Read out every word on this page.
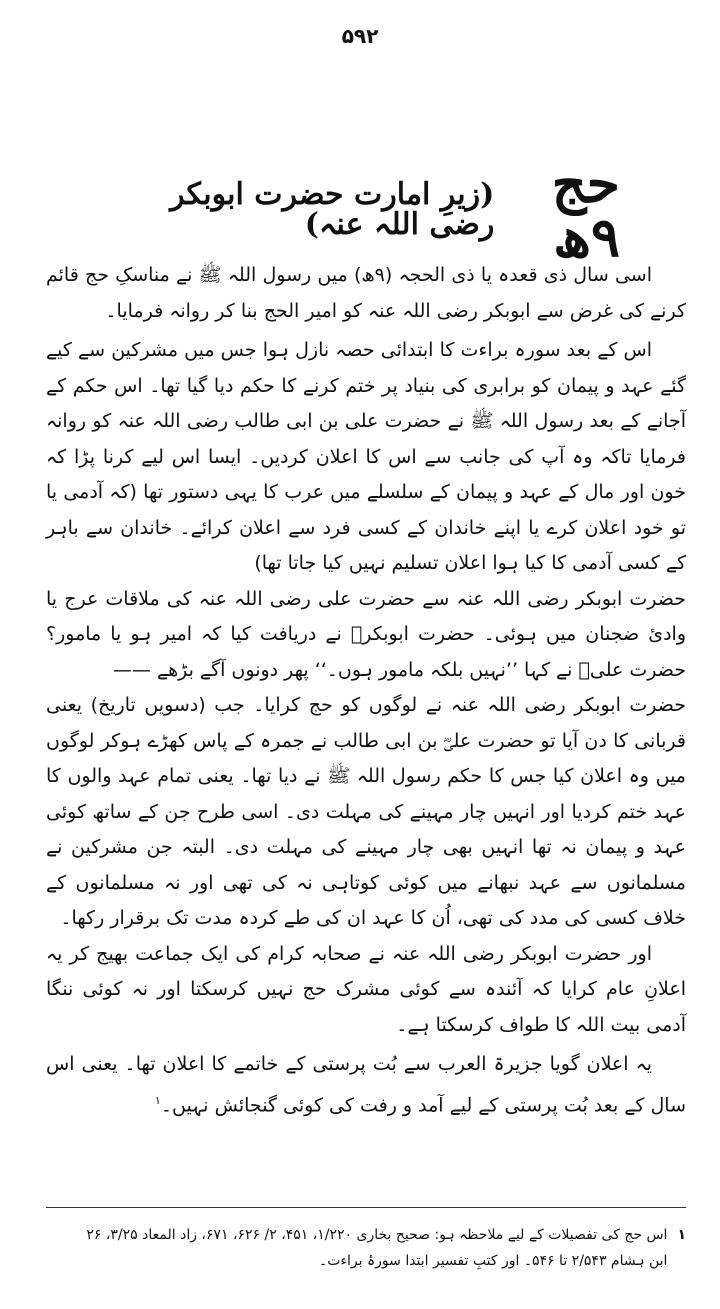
۵۹۲
حج ۹ھ
(زیرِ امارت حضرت ابوبکر رضی اللہ عنہ)

اسی سال ذی قعدہ یا ذی الحجہ (۹ھ) میں رسول اللہ ﷺ نے مناسکِ حج قائم کرنے کی غرض سے ابوبکر رضی اللہ عنہ کو امیر الحج بنا کر روانہ فرمایا۔

اس کے بعد سورہ براءت کا ابتدائی حصہ نازل ہوا جس میں مشرکین سے کیے گئے عہد و پیمان کو برابری کی بنیاد پر ختم کرنے کا حکم دیا گیا تھا۔ اس حکم کے آجانے کے بعد رسول اللہ ﷺ نے حضرت علی بن ابی طالب رضی اللہ عنہ کو روانہ فرمایا تاکہ وہ آپ کی جانب سے اس کا اعلان کردیں۔ ایسا اس لیے کرنا پڑا کہ خون اور مال کے عہد و پیمان کے سلسلے میں عرب کا یہی دستور تھا (کہ آدمی یا تو خود اعلان کرے یا اپنے خاندان کے کسی فرد سے اعلان کرائے۔ خاندان سے باہر کے کسی آدمی کا کیا ہوا اعلان تسلیم نہیں کیا جاتا تھا)

حضرت ابوبکر رضی اللہ عنہ سے حضرت علی رضی اللہ عنہ کی ملاقات عرج یا وادیٔ ضجنان میں ہوئی۔ حضرت ابوبکرؓ نے دریافت کیا کہ امیر ہو یا مامور؟ حضرت علیؓ نے کہا ’’نہیں بلکہ مامور ہوں۔‘‘ پھر دونوں آگے بڑھے ——

حضرت ابوبکر رضی اللہ عنہ نے لوگوں کو حج کرایا۔ جب (دسویں تاریخ) یعنی قربانی کا دن آیا تو حضرت علیؓ بن ابی طالب نے جمرہ کے پاس کھڑے ہوکر لوگوں میں وہ اعلان کیا جس کا حکم رسول اللہ ﷺ نے دیا تھا۔ یعنی تمام عہد والوں کا عہد ختم کردیا اور انہیں چار مہینے کی مہلت دی۔ اسی طرح جن کے ساتھ کوئی عہد و پیمان نہ تھا انہیں بھی چار مہینے کی مہلت دی۔ البتہ جن مشرکین نے مسلمانوں سے عہد نبھانے میں کوئی کوتاہی نہ کی تھی اور نہ مسلمانوں کے خلاف کسی کی مدد کی تھی، اُن کا عہد ان کی طے کردہ مدت تک برقرار رکھا۔

اور حضرت ابوبکر رضی اللہ عنہ نے صحابہ کرام کی ایک جماعت بھیج کر یہ اعلانِ عام کرایا کہ آئندہ سے کوئی مشرک حج نہیں کرسکتا اور نہ کوئی ننگا آدمی بیت اللہ کا طواف کرسکتا ہے۔

یہ اعلان گویا جزیرۃ العرب سے بُت پرستی کے خاتمے کا اعلان تھا۔ یعنی اس سال کے بعد بُت پرستی کے لیے آمد و رفت کی کوئی گنجائش نہیں۔$^۱$

۱
اس حج کی تفصیلات کے لیے ملاحظہ ہو: صحیح بخاری ۱/۲۲۰، ۴۵۱، ۲/ ۶۲۶، ۶۷۱، زاد المعاد ۳/۲۵، ۲۶
ابن ہشام ۲/۵۴۳ تا ۵۴۶۔ اور کتبِ تفسیر ابتدا سورۂ براءت۔
